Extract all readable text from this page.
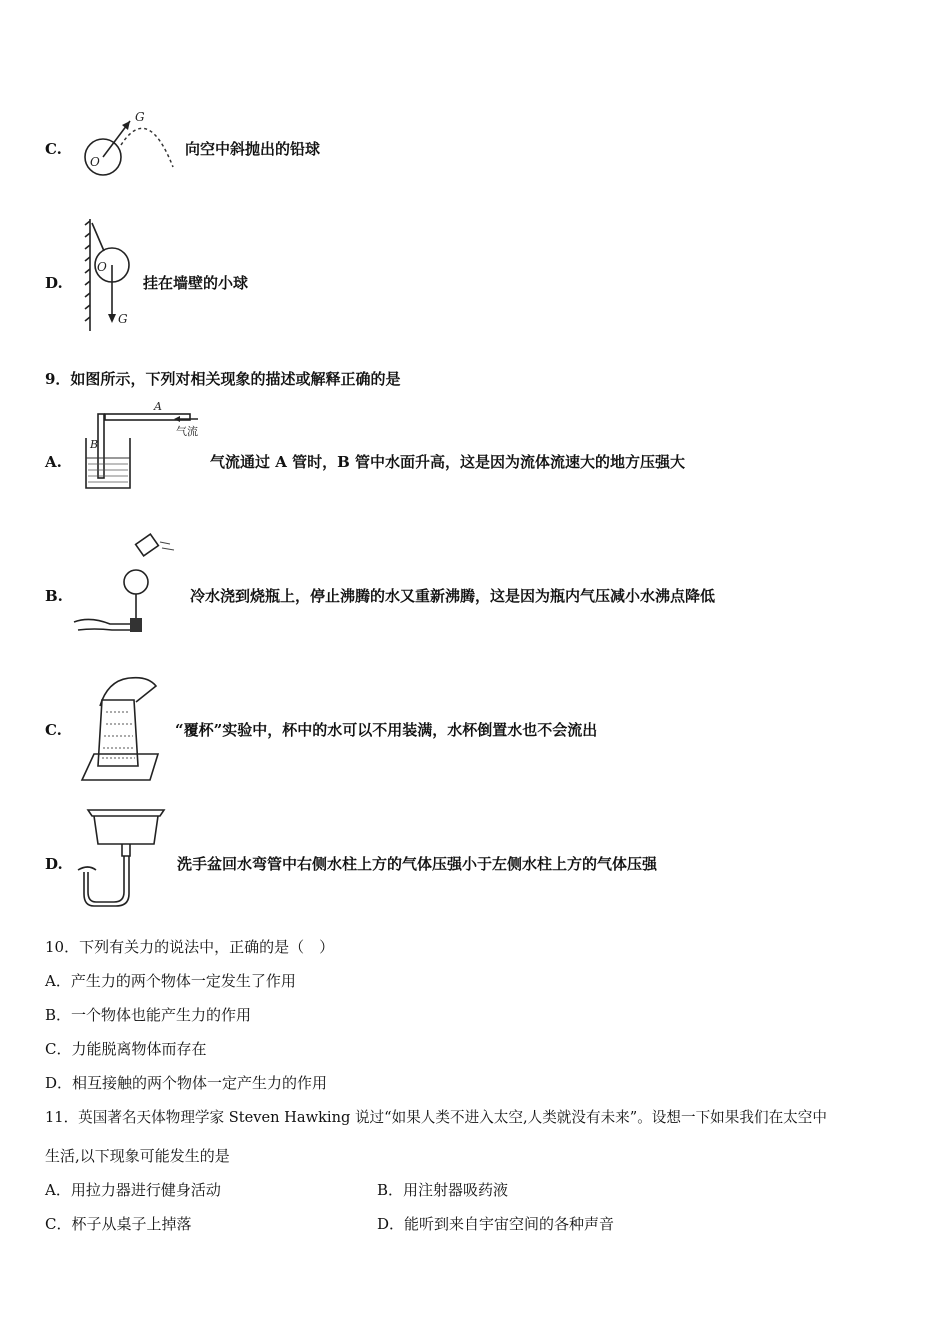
C.
O
G
向空中斜抛出的铅球
D.
O
G
挂在墙壁的小球
9．如图所示，下列对相关现象的描述或解释正确的是
A.
A
B
气流
气流通过 A 管时，B 管中水面升高，这是因为流体流速大的地方压强大
B.	冷水浇到烧瓶上，停止沸腾的水又重新沸腾，这是因为瓶内气压减小水沸点降低
C.	“覆杯”实验中，杯中的水可以不用装满，水杯倒置水也不会流出
D.	洗手盆回水弯管中右侧水柱上方的气体压强小于左侧水柱上方的气体压强
10．下列有关力的说法中，正确的是（　）
A．产生力的两个物体一定发生了作用
B．一个物体也能产生力的作用
C．力能脱离物体而存在
D．相互接触的两个物体一定产生力的作用
11．英国著名天体物理学家 Steven Hawking 说过“如果人类不进入太空,人类就没有未来”。设想一下如果我们在太空中
生活,以下现象可能发生的是
A．用拉力器进行健身活动	B．用注射器吸药液
C．杯子从桌子上掉落	D．能听到来自宇宙空间的各种声音
